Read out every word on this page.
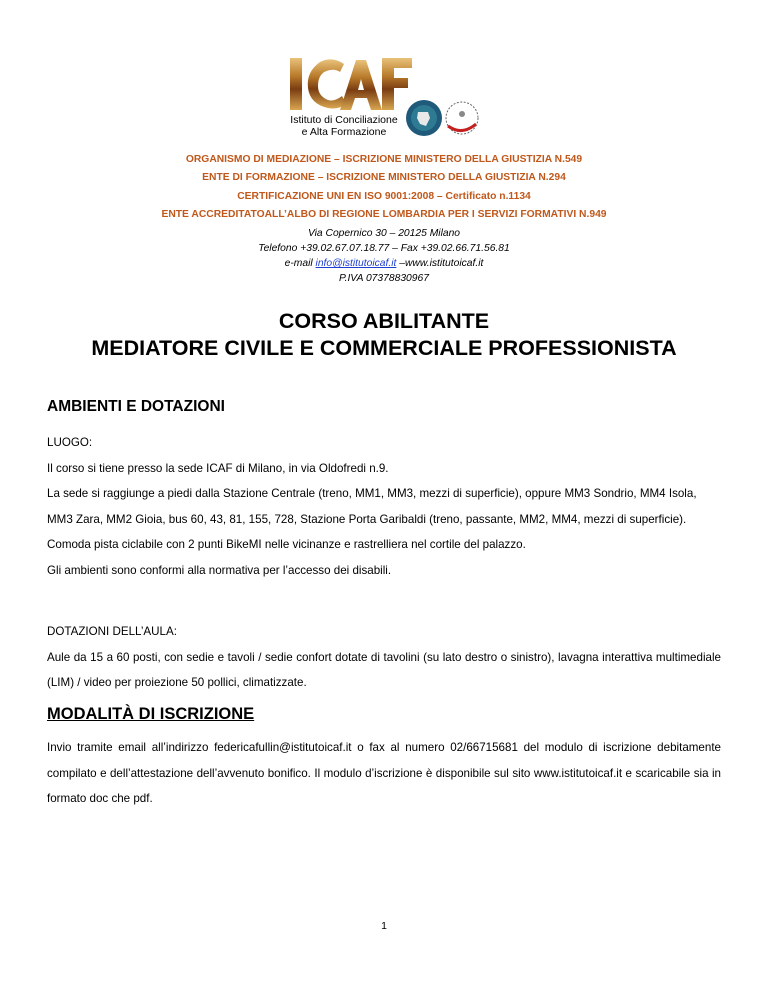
Istituto di Conciliazione
e Alta Formazione
ORGANISMO DI MEDIAZIONE – ISCRIZIONE MINISTERO DELLA GIUSTIZIA N.549
ENTE DI FORMAZIONE – ISCRIZIONE MINISTERO DELLA GIUSTIZIA N.294
CERTIFICAZIONE UNI EN ISO 9001:2008 – Certificato n.1134
ENTE ACCREDITATOALL’ALBO DI REGIONE LOMBARDIA PER I SERVIZI FORMATIVI N.949
Via Copernico 30 – 20125 Milano
Telefono +39.02.67.07.18.77 – Fax +39.02.66.71.56.81
e-mail info@istitutoicaf.it –www.istitutoicaf.it
P.IVA 07378830967
CORSO ABILITANTE
MEDIATORE CIVILE E COMMERCIALE PROFESSIONISTA
AMBIENTI E DOTAZIONI

LUOGO:

Il corso si tiene presso la sede ICAF di Milano, in via Oldofredi n.9.

La sede si raggiunge a piedi dalla Stazione Centrale (treno, MM1, MM3, mezzi di superficie), oppure MM3 Sondrio, MM4 Isola, MM3 Zara, MM2 Gioia, bus 60, 43, 81, 155, 728, Stazione Porta Garibaldi (treno, passante, MM2, MM4, mezzi di superficie).

Comoda pista ciclabile con 2 punti BikeMI nelle vicinanze e rastrelliera nel cortile del palazzo.

Gli ambienti sono conformi alla normativa per l’accesso dei disabili.

DOTAZIONI DELL’AULA:

Aule da 15 a 60 posti, con sedie e tavoli / sedie confort dotate di tavolini (su lato destro o sinistro), lavagna interattiva multimediale (LIM) / video per proiezione 50 pollici, climatizzate.

MODALITÀ DI ISCRIZIONE

Invio tramite email all’indirizzo federicafullin@istitutoicaf.it o fax al numero 02/66715681 del modulo di iscrizione debitamente compilato e dell’attestazione dell’avvenuto bonifico. Il modulo d’iscrizione è disponibile sul sito www.istitutoicaf.it e scaricabile sia in formato doc che pdf.

1
